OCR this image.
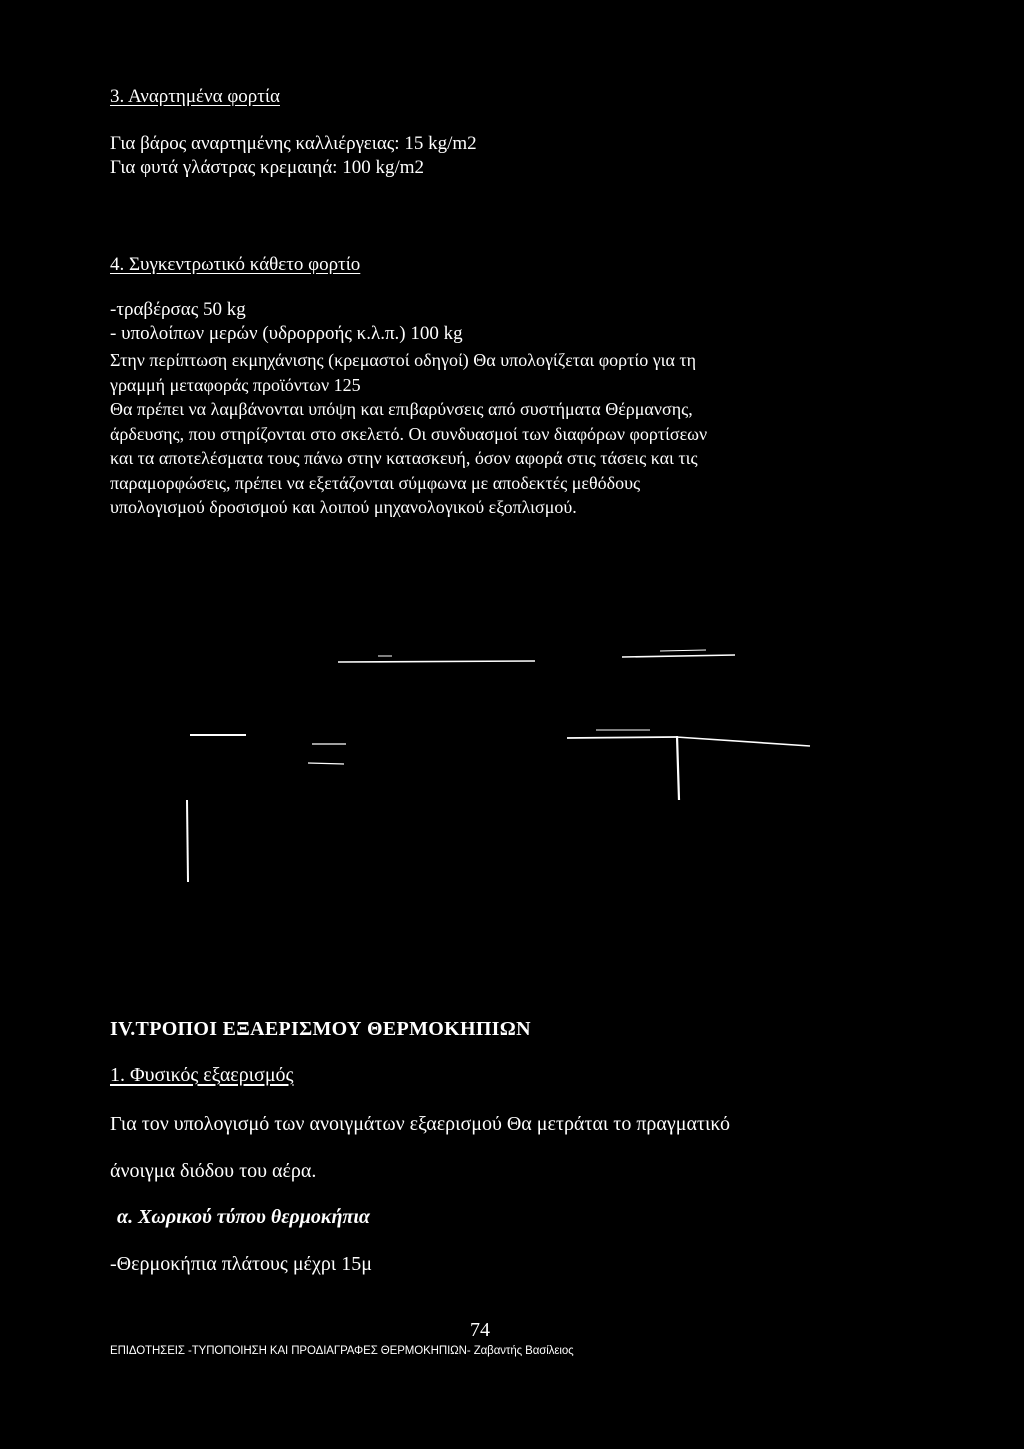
3. Αναρτημένα φορτία
Για βάρος αναρτημένης καλλιέργειας: 15 kg/m2
Για φυτά γλάστρας κρεμαιηά: 100 kg/m2
4. Συγκεντρωτικό κάθετο φορτίο
-τραβέρσας 50 kg
- υπολοίπων μερών (υδρορροής κ.λ.π.) 100 kg
Στην περίπτωση εκμηχάνισης (κρεμαστοί οδηγοί) Θα υπολογίζεται φορτίο για τη
γραμμή μεταφοράς προϊόντων 125
Θα πρέπει να λαμβάνονται υπόψη και επιβαρύνσεις από συστήματα Θέρμανσης,
άρδευσης, που στηρίζονται στο σκελετό. Οι συνδυασμοί των διαφόρων φορτίσεων
και τα αποτελέσματα τους πάνω στην κατασκευή, όσον αφορά στις τάσεις και τις
παραμορφώσεις, πρέπει να εξετάζονται σύμφωνα με αποδεκτές μεθόδους
υπολογισμού δροσισμού και λοιπού μηχανολογικού εξοπλισμού.
IV.ΤΡΟΠΟΙ ΕΞΑΕΡΙΣΜΟΥ ΘΕΡΜΟΚΗΠΙΩΝ
1. Φυσικός εξαερισμός
Για τον υπολογισμό των ανοιγμάτων εξαερισμού Θα μετράται το πραγματικό
άνοιγμα διόδου του αέρα.
α. Χωρικού τύπου θερμοκήπια
-Θερμοκήπια πλάτους μέχρι 15μ
74
ΕΠΙΔΟΤΗΣΕΙΣ -ΤΥΠΟΠΟΙΗΣΗ ΚΑΙ ΠΡΟΔΙΑΓΡΑΦΕΣ ΘΕΡΜΟΚΗΠΙΩΝ- Ζαβαντής Βασίλειος
